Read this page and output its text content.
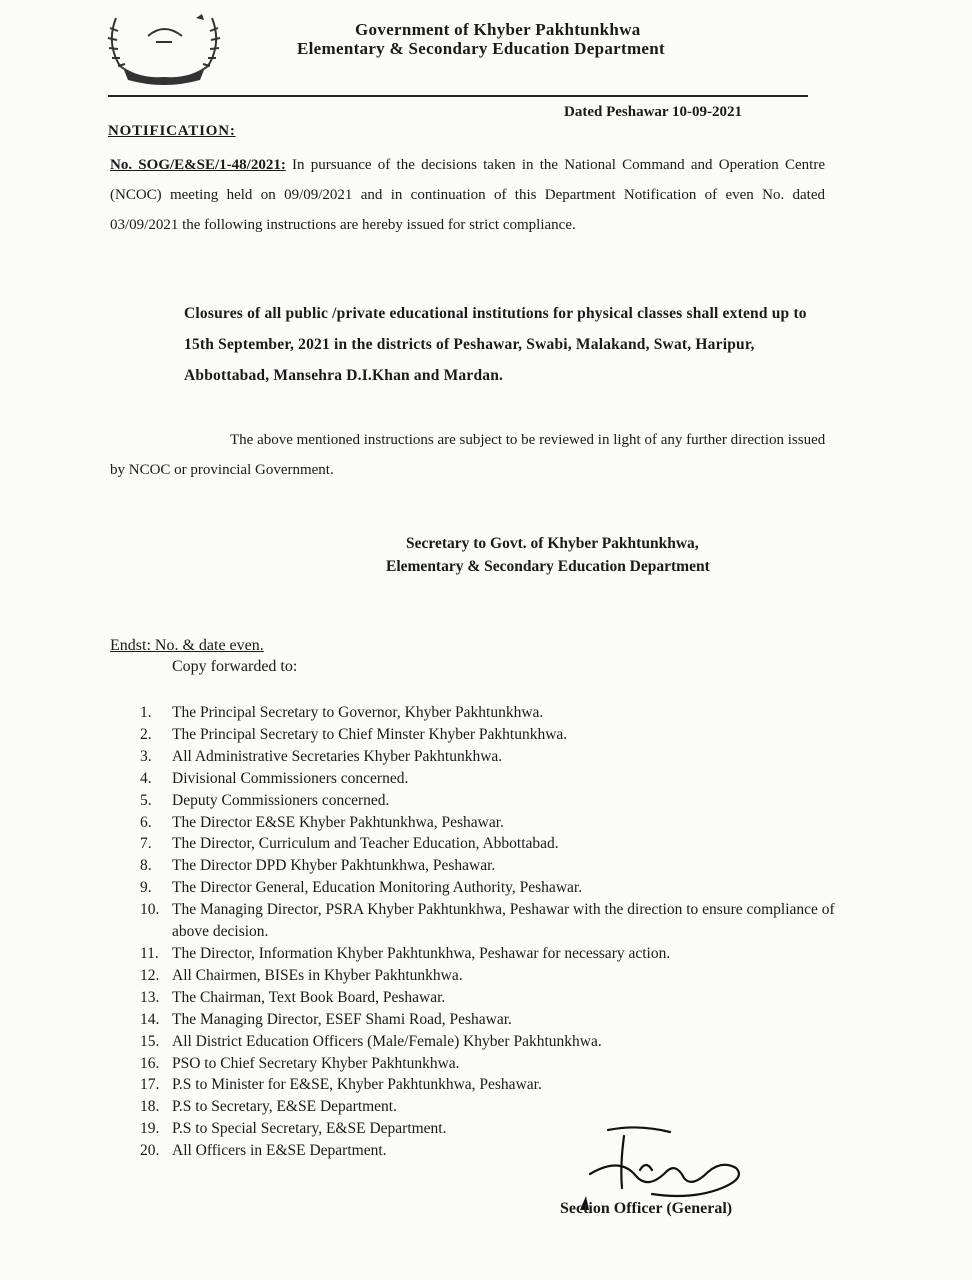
Government of Khyber Pakhtunkhwa
Elementary & Secondary Education Department
Dated Peshawar 10-09-2021
NOTIFICATION:
No. SOG/E&SE/1-48/2021: In pursuance of the decisions taken in the National Command and Operation Centre (NCOC) meeting held on 09/09/2021 and in continuation of this Department Notification of even No. dated 03/09/2021 the following instructions are hereby issued for strict compliance.
Closures of all public /private educational institutions for physical classes shall extend up to 15th September, 2021 in the districts of Peshawar, Swabi, Malakand, Swat, Haripur, Abbottabad, Mansehra D.I.Khan and Mardan.
The above mentioned instructions are subject to be reviewed in light of any further direction issued by NCOC or provincial Government.
Secretary to Govt. of Khyber Pakhtunkhwa,
Elementary & Secondary Education Department
Endst: No. & date even.
Copy forwarded to:
1.	The Principal Secretary to Governor, Khyber Pakhtunkhwa.
2.	The Principal Secretary to Chief Minster Khyber Pakhtunkhwa.
3.	All Administrative Secretaries Khyber Pakhtunkhwa.
4.	Divisional Commissioners concerned.
5.	Deputy Commissioners concerned.
6.	The Director E&SE Khyber Pakhtunkhwa, Peshawar.
7.	The Director, Curriculum and Teacher Education, Abbottabad.
8.	The Director DPD Khyber Pakhtunkhwa, Peshawar.
9.	The Director General, Education Monitoring Authority, Peshawar.
10. The Managing Director, PSRA Khyber Pakhtunkhwa, Peshawar with the direction to ensure compliance of above decision.
11. The Director, Information Khyber Pakhtunkhwa, Peshawar for necessary action.
12. All Chairmen, BISEs in Khyber Pakhtunkhwa.
13. The Chairman, Text Book Board, Peshawar.
14. The Managing Director, ESEF Shami Road, Peshawar.
15. All District Education Officers (Male/Female) Khyber Pakhtunkhwa.
16. PSO to Chief Secretary Khyber Pakhtunkhwa.
17. P.S to Minister for E&SE, Khyber Pakhtunkhwa, Peshawar.
18. P.S to Secretary, E&SE Department.
19. P.S to Special Secretary, E&SE Department.
20. All Officers in E&SE Department.
Section Officer (General)
